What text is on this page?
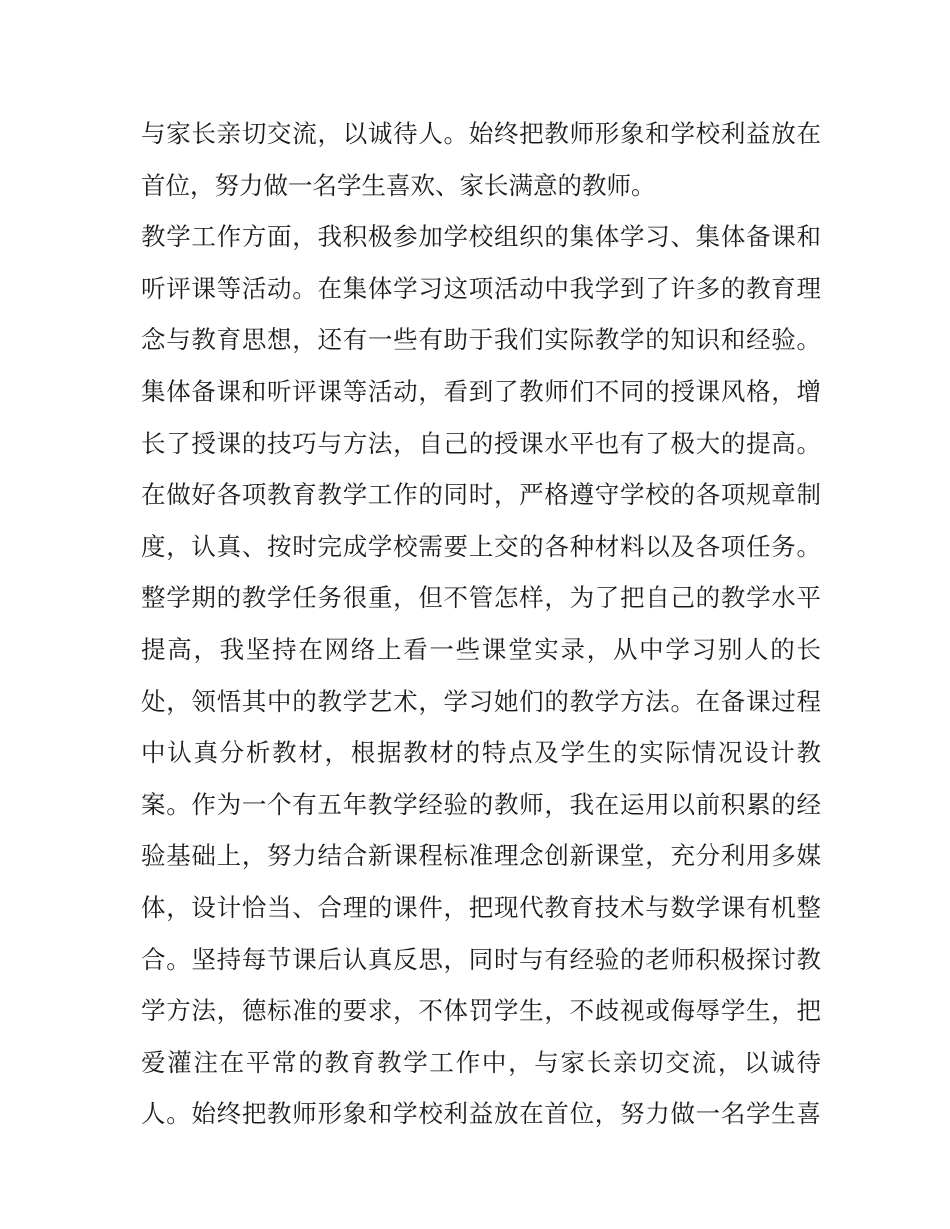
与家长亲切交流，以诚待人。始终把教师形象和学校利益放在
首位，努力做一名学生喜欢、家长满意的教师。
教学工作方面，我积极参加学校组织的集体学习、集体备课和
听评课等活动。在集体学习这项活动中我学到了许多的教育理
念与教育思想，还有一些有助于我们实际教学的知识和经验。
集体备课和听评课等活动，看到了教师们不同的授课风格，增
长了授课的技巧与方法，自己的授课水平也有了极大的提高。
在做好各项教育教学工作的同时，严格遵守学校的各项规章制
度，认真、按时完成学校需要上交的各种材料以及各项任务。
整学期的教学任务很重，但不管怎样，为了把自己的教学水平
提高，我坚持在网络上看一些课堂实录，从中学习别人的长
处，领悟其中的教学艺术，学习她们的教学方法。在备课过程
中认真分析教材，根据教材的特点及学生的实际情况设计教
案。作为一个有五年教学经验的教师，我在运用以前积累的经
验基础上，努力结合新课程标准理念创新课堂，充分利用多媒
体，设计恰当、合理的课件，把现代教育技术与数学课有机整
合。坚持每节课后认真反思，同时与有经验的老师积极探讨教
学方法，德标准的要求，不体罚学生，不歧视或侮辱学生，把
爱灌注在平常的教育教学工作中，与家长亲切交流，以诚待
人。始终把教师形象和学校利益放在首位，努力做一名学生喜
